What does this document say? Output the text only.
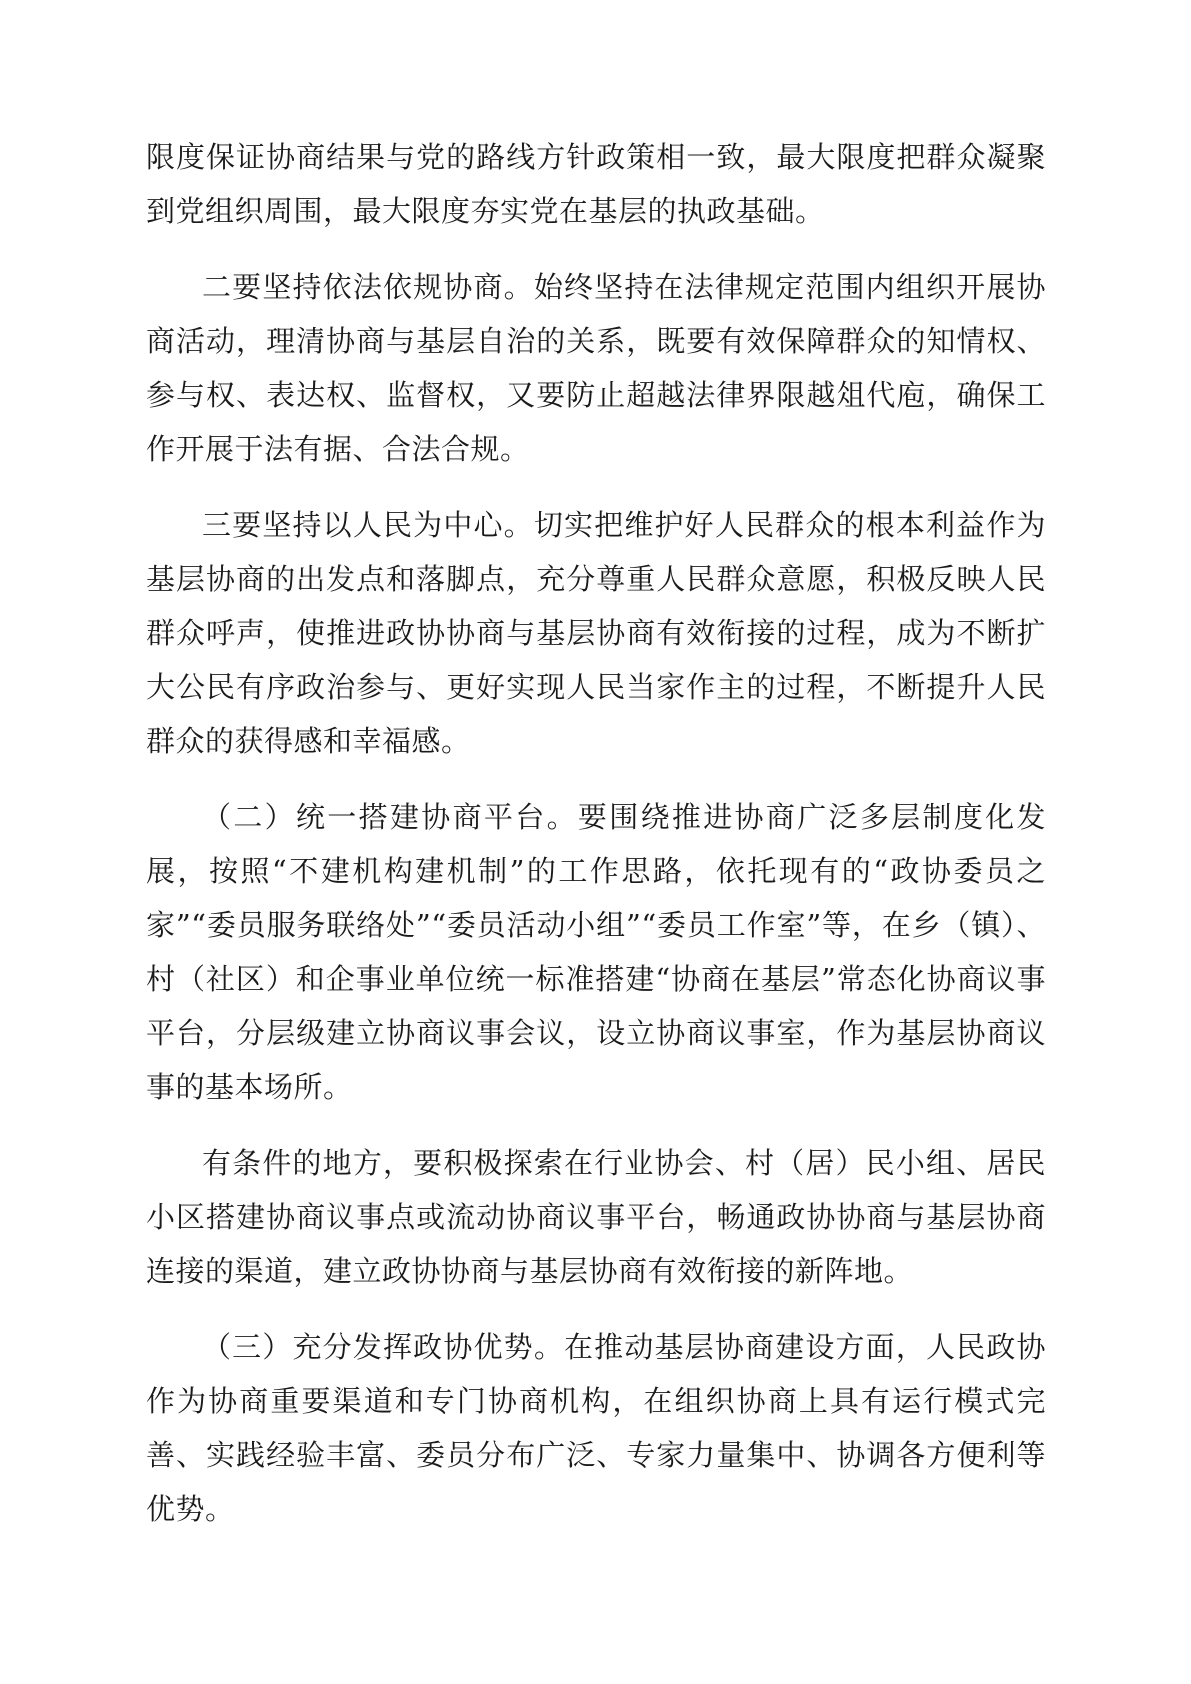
限度保证协商结果与党的路线方针政策相一致，最大限度把群众凝聚到党组织周围，最大限度夯实党在基层的执政基础。

二要坚持依法依规协商。始终坚持在法律规定范围内组织开展协商活动，理清协商与基层自治的关系，既要有效保障群众的知情权、参与权、表达权、监督权，又要防止超越法律界限越俎代庖，确保工作开展于法有据、合法合规。

三要坚持以人民为中心。切实把维护好人民群众的根本利益作为基层协商的出发点和落脚点，充分尊重人民群众意愿，积极反映人民群众呼声，使推进政协协商与基层协商有效衔接的过程，成为不断扩大公民有序政治参与、更好实现人民当家作主的过程，不断提升人民群众的获得感和幸福感。

（二）统一搭建协商平台。要围绕推进协商广泛多层制度化发展，按照“不建机构建机制”的工作思路，依托现有的“政协委员之家”“委员服务联络处”“委员活动小组”“委员工作室”等，在乡（镇）、村（社区）和企事业单位统一标准搭建“协商在基层”常态化协商议事平台，分层级建立协商议事会议，设立协商议事室，作为基层协商议事的基本场所。

有条件的地方，要积极探索在行业协会、村（居）民小组、居民小区搭建协商议事点或流动协商议事平台，畅通政协协商与基层协商连接的渠道，建立政协协商与基层协商有效衔接的新阵地。

（三）充分发挥政协优势。在推动基层协商建设方面，人民政协作为协商重要渠道和专门协商机构，在组织协商上具有运行模式完善、实践经验丰富、委员分布广泛、专家力量集中、协调各方便利等优势。
